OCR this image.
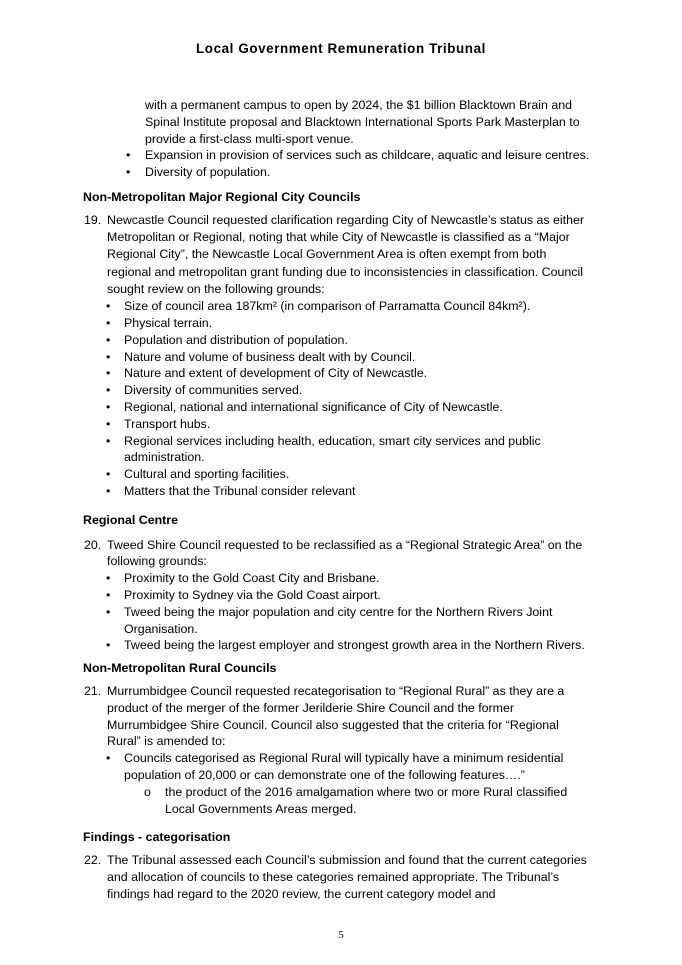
Local Government Remuneration Tribunal

with a permanent campus to open by 2024, the $1 billion Blacktown Brain and Spinal Institute proposal and Blacktown International Sports Park Masterplan to provide a first-class multi-sport venue.

• Expansion in provision of services such as childcare, aquatic and leisure centres.
• Diversity of population.

Non-Metropolitan Major Regional City Councils

19. Newcastle Council requested clarification regarding City of Newcastle’s status as either Metropolitan or Regional, noting that while City of Newcastle is classified as a “Major Regional City”, the Newcastle Local Government Area is often exempt from both regional and metropolitan grant funding due to inconsistencies in classification. Council sought review on the following grounds:

• Size of council area 187km² (in comparison of Parramatta Council 84km²).
• Physical terrain.
• Population and distribution of population.
• Nature and volume of business dealt with by Council.
• Nature and extent of development of City of Newcastle.
• Diversity of communities served.
• Regional, national and international significance of City of Newcastle.
• Transport hubs.
• Regional services including health, education, smart city services and public administration.
• Cultural and sporting facilities.
• Matters that the Tribunal consider relevant

Regional Centre

20. Tweed Shire Council requested to be reclassified as a “Regional Strategic Area” on the following grounds:

• Proximity to the Gold Coast City and Brisbane.
• Proximity to Sydney via the Gold Coast airport.
• Tweed being the major population and city centre for the Northern Rivers Joint Organisation.
• Tweed being the largest employer and strongest growth area in the Northern Rivers.

Non-Metropolitan Rural Councils

21. Murrumbidgee Council requested recategorisation to “Regional Rural” as they are a product of the merger of the former Jerilderie Shire Council and the former Murrumbidgee Shire Council. Council also suggested that the criteria for “Regional Rural” is amended to:

• Councils categorised as Regional Rural will typically have a minimum residential population of 20,000 or can demonstrate one of the following features….”
o the product of the 2016 amalgamation where two or more Rural classified Local Governments Areas merged.

Findings - categorisation

22. The Tribunal assessed each Council’s submission and found that the current categories and allocation of councils to these categories remained appropriate. The Tribunal’s findings had regard to the 2020 review, the current category model and

5
